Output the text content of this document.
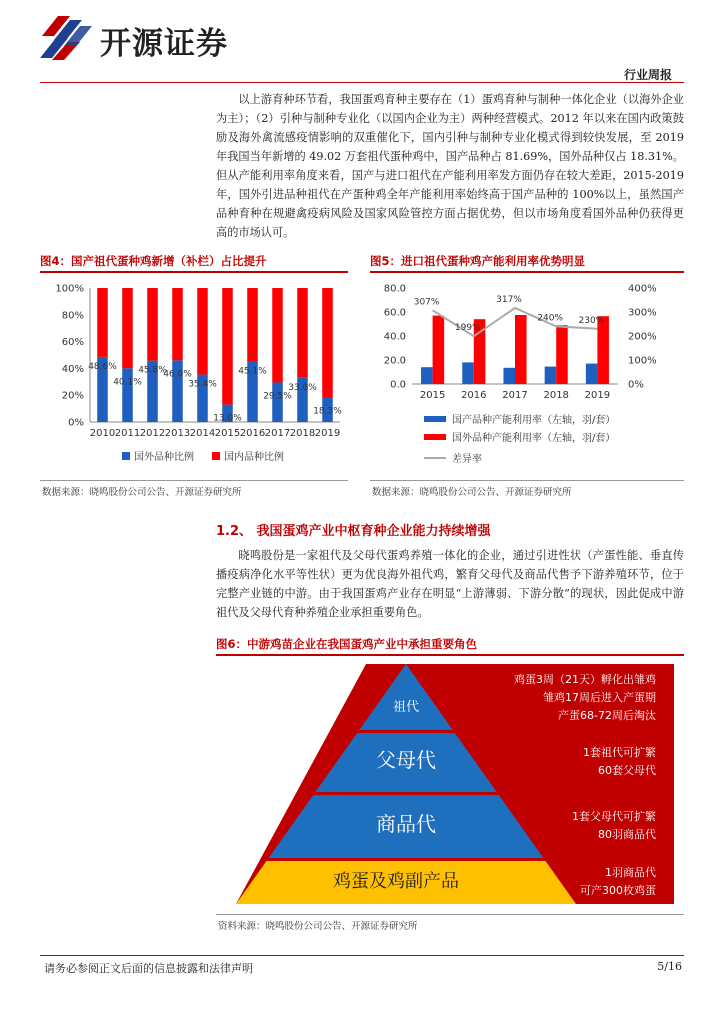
开源证券
行业周报
以上游育种环节看，我国蛋鸡育种主要存在（1）蛋鸡育种与制种一体化企业（以海外企业为主）；（2）引种与制种专业化（以国内企业为主）两种经营模式。2012 年以来在国内政策鼓励及海外禽流感疫情影响的双重催化下，国内引种与制种专业化模式得到较快发展，至 2019 年我国当年新增的 49.02 万套祖代蛋种鸡中，国产品种占 81.69%，国外品种仅占 18.31%。但从产能利用率角度来看，国产与进口祖代在产能利用率发方面仍存在较大差距，2015-2019 年，国外引进品种祖代在产蛋种鸡全年产能利用率始终高于国产品种的 100%以上，虽然国产品种育种在规避禽疫病风险及国家风险管控方面占据优势，但以市场角度看国外品种仍获得更高的市场认可。
图4：国产祖代蛋种鸡新增（补栏）占比提升
0%
20%
40%
60%
80%
100%
48.6%
2010
40.1%
2011
45.8%
2012
46.0%
2013
35.4%
2014
13.0%
2015
45.1%
2016
29.5%
2017
33.0%
2018
18.3%
2019
国外品种比例	国内品种比例
数据来源：晓鸣股份公司公告、开源证券研究所
图5：进口祖代蛋种鸡产能利用率优势明显
0.0
20.0
40.0
60.0
80.0
0%
100%
200%
300%
400%
2015 2016 2017 2018 2019
307%
199%
317%
240% 230%
国产品种产能利用率（左轴，羽/套）
国外品种产能利用率（左轴，羽/套）
差异率
数据来源：晓鸣股份公司公告、开源证券研究所
1.2、 我国蛋鸡产业中枢育种企业能力持续增强
晓鸣股份是一家祖代及父母代蛋鸡养殖一体化的企业，通过引进性状（产蛋性能、垂直传播疫病净化水平等性状）更为优良海外祖代鸡，繁育父母代及商品代售予下游养殖环节，位于完整产业链的中游。由于我国蛋鸡产业存在明显“上游薄弱、下游分散”的现状，因此促成中游祖代及父母代育种养殖企业承担重要角色。
图6：中游鸡苗企业在我国蛋鸡产业中承担重要角色
祖代
鸡蛋3周（21天）孵化出雏鸡
雏鸡17周后进入产蛋期
产蛋68-72周后淘汰
父母代	1套祖代可扩繁
60套父母代
商品代	1套父母代可扩繁
80羽商品代
鸡蛋及鸡副产品	1羽商品代
可产300枚鸡蛋
资料来源：晓鸣股份公司公告、开源证券研究所
请务必参阅正文后面的信息披露和法律声明	5/16
